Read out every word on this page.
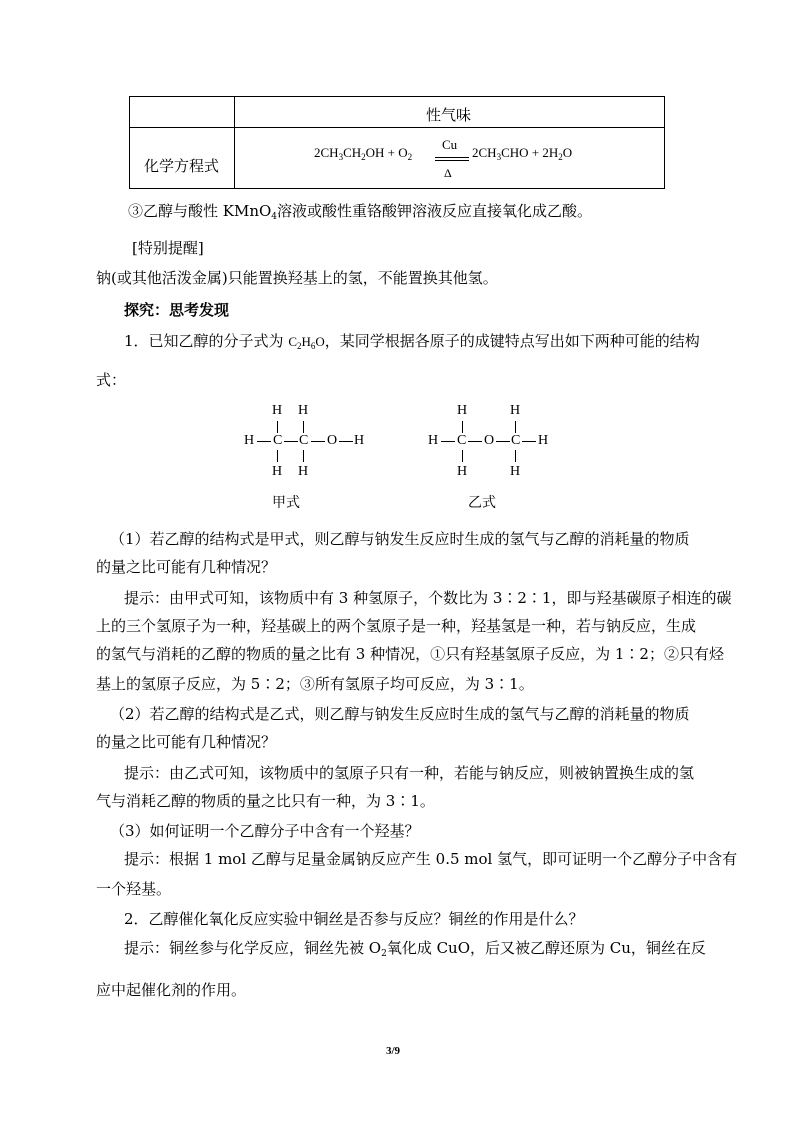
性气味
化学方程式
$2CH_3CH_2OH + O_2$
Cu
Δ
$2CH_3CHO + 2H_2O$
③乙醇与酸性 KMnO$_4$溶液或酸性重铬酸钾溶液反应直接氧化成乙酸。
[特别提醒]
钠(或其他活泼金属)只能置换羟基上的氢，不能置换其他氢。
探究：思考发现
1．已知乙醇的分子式为 $C_2H_6O$，某同学根据各原子的成键特点写出如下两种可能的结构
式：
H H
H C C O H
H H
甲式
H	H
H C O C H
H	H
乙式
（1）若乙醇的结构式是甲式，则乙醇与钠发生反应时生成的氢气与乙醇的消耗量的物质
的量之比可能有几种情况？
提示：由甲式可知，该物质中有 3 种氢原子，个数比为 3∶2∶1，即与羟基碳原子相连的碳
上的三个氢原子为一种，羟基碳上的两个氢原子是一种，羟基氢是一种，若与钠反应，生成
的氢气与消耗的乙醇的物质的量之比有 3 种情况，①只有羟基氢原子反应，为 1∶2；②只有烃
基上的氢原子反应，为 5∶2；③所有氢原子均可反应，为 3∶1。
（2）若乙醇的结构式是乙式，则乙醇与钠发生反应时生成的氢气与乙醇的消耗量的物质
的量之比可能有几种情况？
提示：由乙式可知，该物质中的氢原子只有一种，若能与钠反应，则被钠置换生成的氢
气与消耗乙醇的物质的量之比只有一种，为 3∶1。
（3）如何证明一个乙醇分子中含有一个羟基？
提示：根据 1 mol 乙醇与足量金属钠反应产生 0.5 mol 氢气，即可证明一个乙醇分子中含有
一个羟基。
2．乙醇催化氧化反应实验中铜丝是否参与反应？铜丝的作用是什么？
提示：铜丝参与化学反应，铜丝先被 $O_2$氧化成 CuO，后又被乙醇还原为 Cu，铜丝在反
应中起催化剂的作用。
3/9
